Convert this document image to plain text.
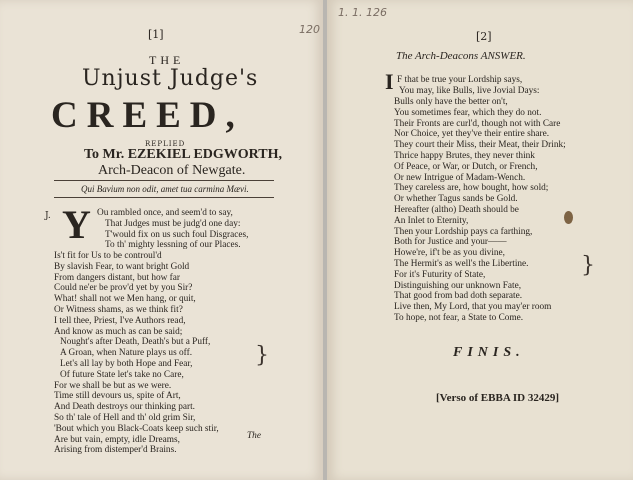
[1]	120
THE
Unjust Judge's
CREED,
REPLIED
To Mr. EZEKIEL EDGWORTH,
Arch-Deacon of Newgate.
Qui Bavium non odit, amet tua carmina Mævi.
Y
J.	Ou rambled once, and seem'd to say,
That Judges must be judg'd one day:
T'would fix on us such foul Disgraces,
To th' mighty lessning of our Places.
Is't fit for Us to be controul'd
By slavish Fear, to want bright Gold
From dangers distant, but how far
Could ne'er be prov'd yet by you Sir?
What! shall not we Men hang, or quit,
Or Witness shams, as we think fit?
I tell thee, Priest, I've Authors read,
And know as much as can be said;
Nought's after Death, Death's but a Puff,
A Groan, when Nature plays us off.
Let's all lay by both Hope and Fear,
Of future State let's take no Care,
For we shall be but as we were.
Time still devours us, spite of Art,
And Death destroys our thinking part.
So th' tale of Hell and th' old grim Sir,
'Bout which you Black-Coats keep such stir,
Are but vain, empty, idle Dreams,
Arising from distemper'd Brains.
}
The
1. 1. 126
[2]
The Arch-Deacons ANSWER.
I F that be true your Lordship says,
You may, like Bulls, live Jovial Days:
Bulls only have the better on't,
You sometimes fear, which they do not.
Their Fronts are curl'd, though not with Care
Nor Choice, yet they've their entire share.
They court their Miss, their Meat, their Drink;
Thrice happy Brutes, they never think
Of Peace, or War, or Dutch, or French,
Or new Intrigue of Madam-Wench.
They careless are, how bought, how sold;
Or whether Tagus sands be Gold.
Hereafter (altho) Death should be
An Inlet to Eternity,
Then your Lordship pays ca farthing,
Both for Justice and your——
Howe're, if't be as you divine,
The Hermit's as well's the Libertine.
For it's Futurity of State,
Distinguishing our unknown Fate,
That good from bad doth separate.
Live then, My Lord, that you may'er room
To hope, not fear, a State to Come.
}
FINIS.
[Verso of EBBA ID 32429]
